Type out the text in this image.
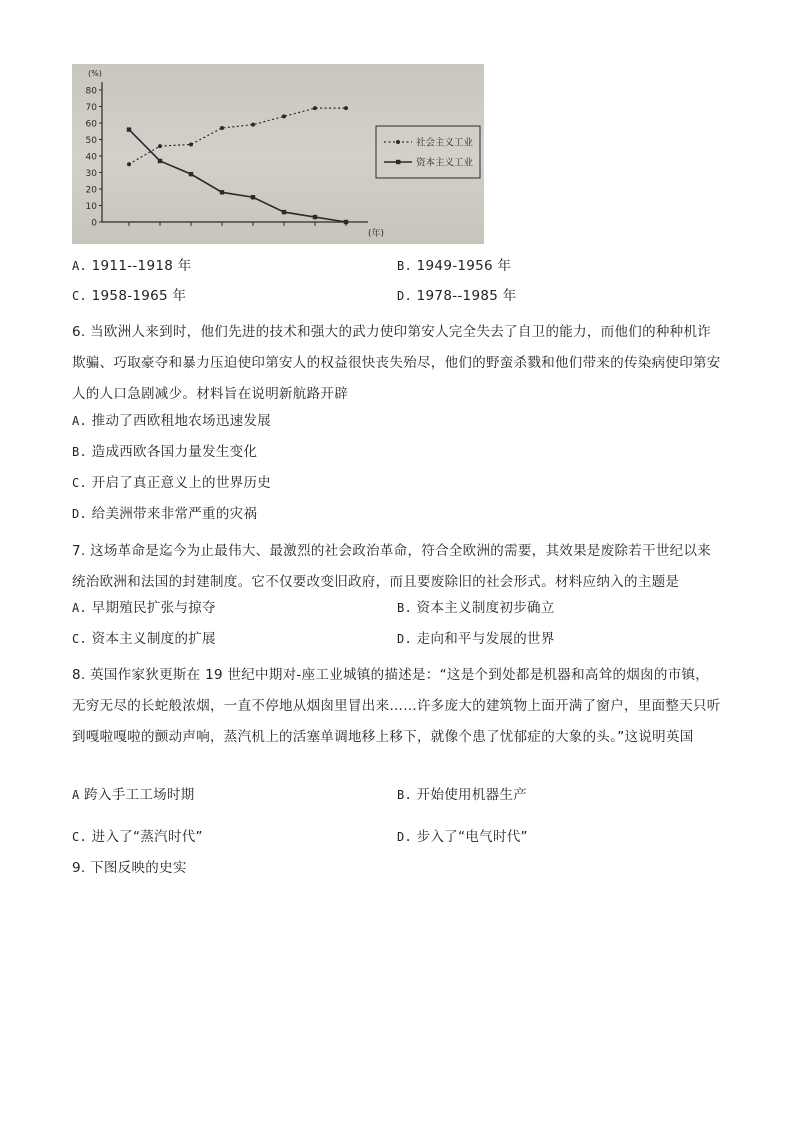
0
10
20
30
40
50
60
70
80
(%)
(年)
社会主义工业
资本主义工业
A. 1911--1918 年	B. 1949-1956 年
C. 1958-1965 年	D. 1978--1985 年
6. 当欧洲人来到时，他们先进的技术和强大的武力使印第安人完全失去了自卫的能力，而他们的种种机诈欺骗、巧取豪夺和暴力压迫使印第安人的权益很快丧失殆尽，他们的野蛮杀戮和他们带来的传染病使印第安人的人口急剧减少。材料旨在说明新航路开辟
A. 推动了西欧租地农场迅速发展
B. 造成西欧各国力量发生变化
C. 开启了真正意义上的世界历史
D. 给美洲带来非常严重的灾祸
7. 这场革命是迄今为止最伟大、最激烈的社会政治革命，符合全欧洲的需要，其效果是废除若干世纪以来统治欧洲和法国的封建制度。它不仅要改变旧政府，而且要废除旧的社会形式。材料应纳入的主题是
A. 早期殖民扩张与掠夺	B. 资本主义制度初步确立
C. 资本主义制度的扩展	D. 走向和平与发展的世界
8. 英国作家狄更斯在 19 世纪中期对-座工业城镇的描述是：“这是个到处都是机器和高耸的烟囱的市镇，无穷无尽的长蛇般浓烟，一直不停地从烟囱里冒出来……许多庞大的建筑物上面开满了窗户，里面整天只听到嘎啦嘎啦的颤动声响，蒸汽机上的活塞单调地移上移下，就像个患了忧郁症的大象的头。”这说明英国
A 跨入手工工场时期	B. 开始使用机器生产
C. 进入了“蒸汽时代”	D. 步入了“电气时代”
9. 下图反映的史实
